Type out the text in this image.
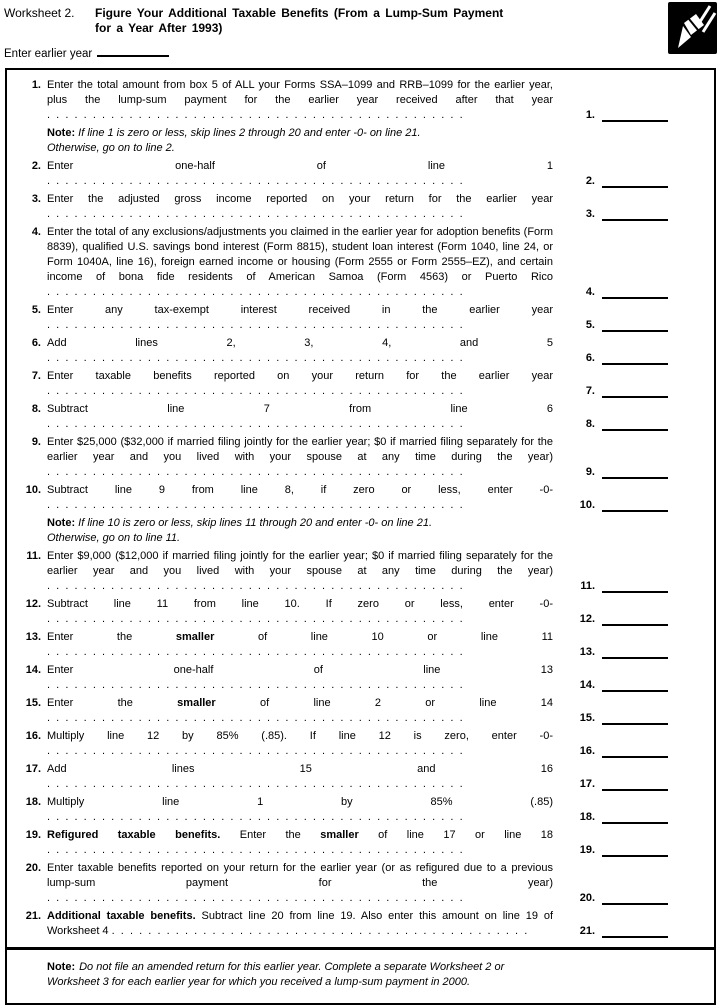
Worksheet 2.	Figure Your Additional Taxable Benefits (From a Lump-Sum Payment
for a Year After 1993)
Enter earlier year
1. Enter the total amount from box 5 of ALL your Forms SSA–1099 and RRB–1099 for the earlier year, plus the lump-sum payment for the earlier year received after that year .  .
1.
Note: If line 1 is zero or less, skip lines 2 through 20 and enter -0- on line 21.
Otherwise, go on to line 2.
2. Enter one-half of line 1 .  .
2.
3. Enter the adjusted gross income reported on your return for the earlier year .  .
3.
4. Enter the total of any exclusions/adjustments you claimed in the earlier year for adoption benefits (Form 8839), qualified U.S. savings bond interest (Form 8815), student loan interest (Form 1040, line 24, or Form 1040A, line 16), foreign earned income or housing (Form 2555 or Form 2555–EZ), and certain income of bona fide residents of American Samoa (Form 4563) or Puerto Rico .  .
4.
5. Enter any tax-exempt interest received in the earlier year .  .
5.
6. Add lines 2, 3, 4, and 5 .  .
6.
7. Enter taxable benefits reported on your return for the earlier year .  .
7.
8. Subtract line 7 from line 6 .  .
8.
9. Enter $25,000 ($32,000 if married filing jointly for the earlier year; $0 if married filing separately for the earlier year and you lived with your spouse at any time during the year) .  .
9.
10. Subtract line 9 from line 8, if zero or less, enter -0- .  .
10.
Note: If line 10 is zero or less, skip lines 11 through 20 and enter -0- on line 21.
Otherwise, go on to line 11.
11. Enter $9,000 ($12,000 if married filing jointly for the earlier year; $0 if married filing separately for the earlier year and you lived with your spouse at any time during the year) .  .
11.
12. Subtract line 11 from line 10. If zero or less, enter -0- .  .
12.
13. Enter the smaller of line 10 or line 11 .  .
13.
14. Enter one-half of line 13 .  .
14.
15. Enter the smaller of line 2 or line 14 .  .
15.
16. Multiply line 12 by 85% (.85). If line 12 is zero, enter -0- .  .
16.
17. Add lines 15 and 16 .  .
17.
18. Multiply line 1 by 85% (.85) .  .
18.
19. Refigured taxable benefits. Enter the smaller of line 17 or line 18 .  .
19.
20. Enter taxable benefits reported on your return for the earlier year (or as refigured due to a previous lump-sum payment for the year) .  .
20.
21. Additional taxable benefits. Subtract line 20 from line 19. Also enter this amount on line 19 of Worksheet 4 .  .	21.
Note: Do not file an amended return for this earlier year. Complete a separate Worksheet 2 or
Worksheet 3 for each earlier year for which you received a lump-sum payment in 2000.
